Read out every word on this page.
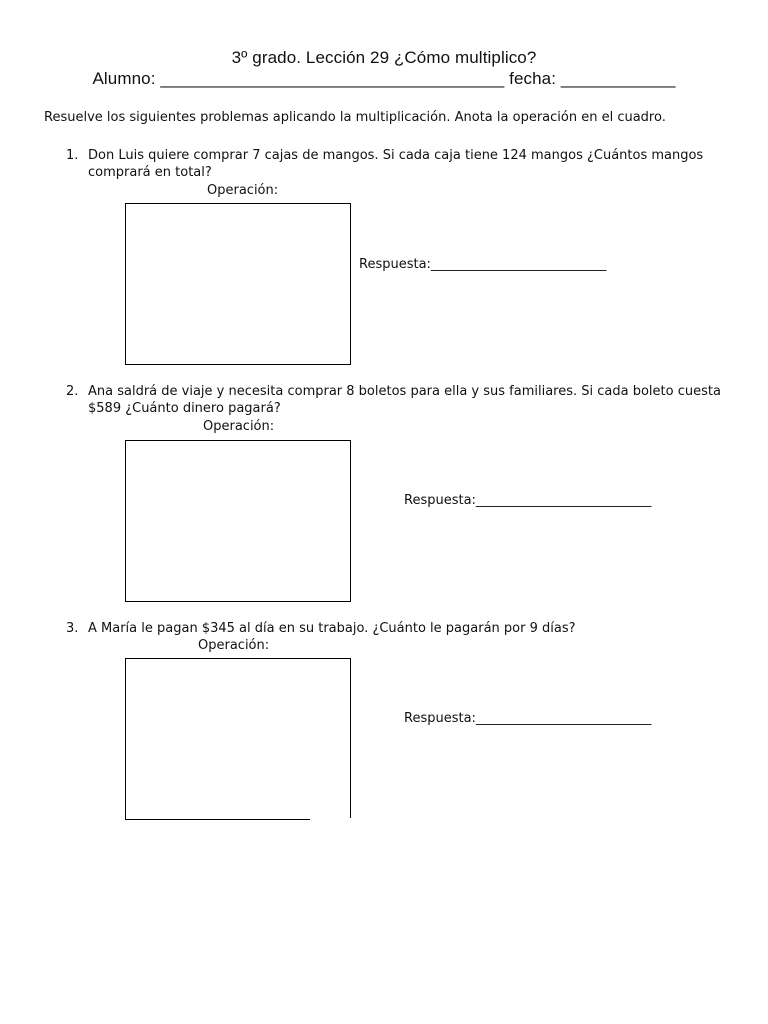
3º grado. Lección 29 ¿Cómo multiplico?
Alumno: ____________________________________ fecha: ____________
Resuelve los siguientes problemas aplicando la multiplicación. Anota la operación en el cuadro.
1. Don Luis quiere comprar 7 cajas de mangos. Si cada caja tiene 124 mangos ¿Cuántos mangos comprará en total?
Operación:
Respuesta:___________________________
2. Ana saldrá de viaje y necesita comprar 8 boletos para ella y sus familiares. Si cada boleto cuesta $589 ¿Cuánto dinero pagará?
Operación:
Respuesta:___________________________
3. A María le pagan $345 al día en su trabajo. ¿Cuánto le pagarán por 9 días?
Operación:
Respuesta:___________________________
